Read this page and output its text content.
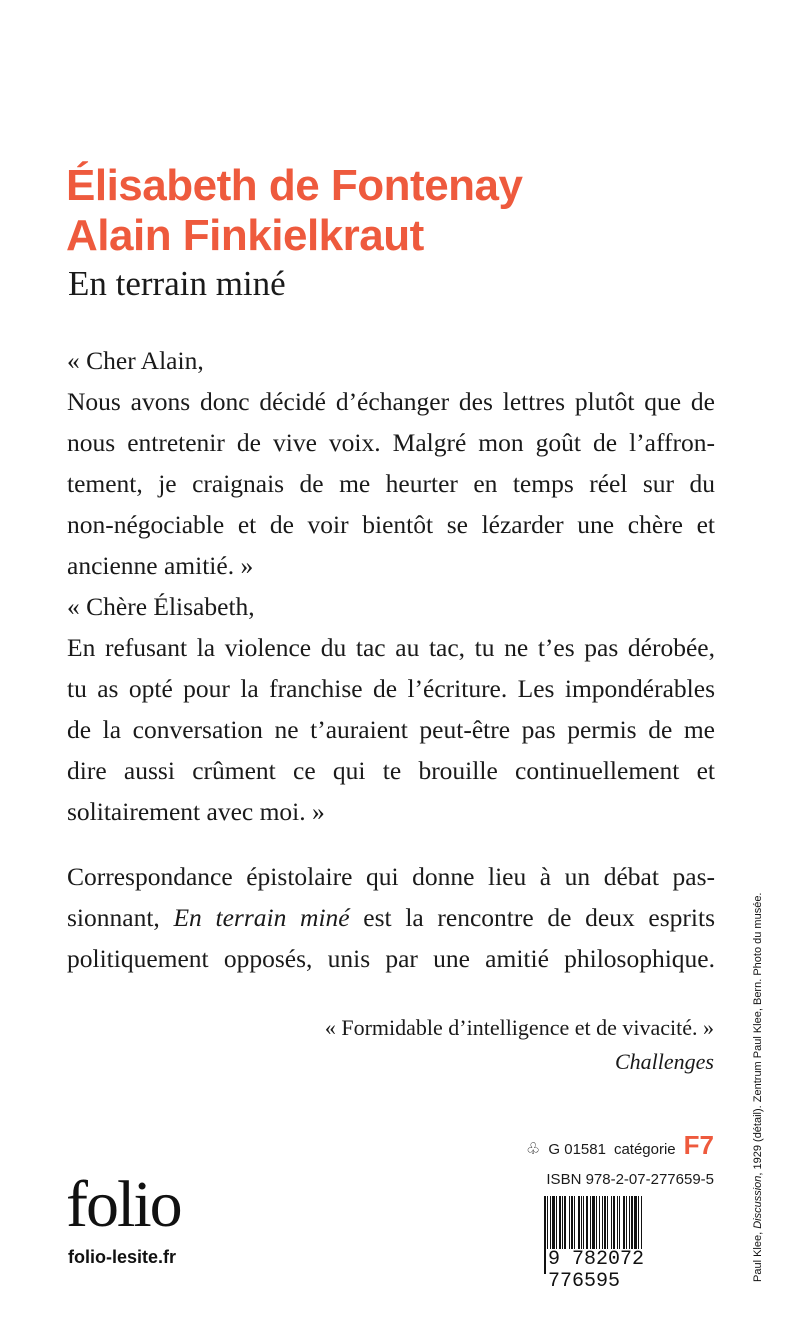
Élisabeth de Fontenay
Alain Finkielkraut
En terrain miné
« Cher Alain,
Nous avons donc décidé d’échanger des lettres plutôt que de
nous entretenir de vive voix. Malgré mon goût de l’affron-
tement, je craignais de me heurter en temps réel sur du
non-négociable et de voir bientôt se lézarder une chère et
ancienne amitié. »
« Chère Élisabeth,
En refusant la violence du tac au tac, tu ne t’es pas dérobée,
tu as opté pour la franchise de l’écriture. Les impondérables
de la conversation ne t’auraient peut-être pas permis de me
dire aussi crûment ce qui te brouille continuellement et
solitairement avec moi. »
Correspondance épistolaire qui donne lieu à un débat pas-
sionnant, En terrain miné est la rencontre de deux esprits
politiquement opposés, unis par une amitié philosophique.
« Formidable d’intelligence et de vivacité. »
Challenges
♧ G 01581 catégorie F7
ISBN 978-2-07-277659-5
folio
folio-lesite.fr	9 782072 776595	Paul Klee, Discussion, 1929 (détail). Zentrum Paul Klee, Bern. Photo du musée.
